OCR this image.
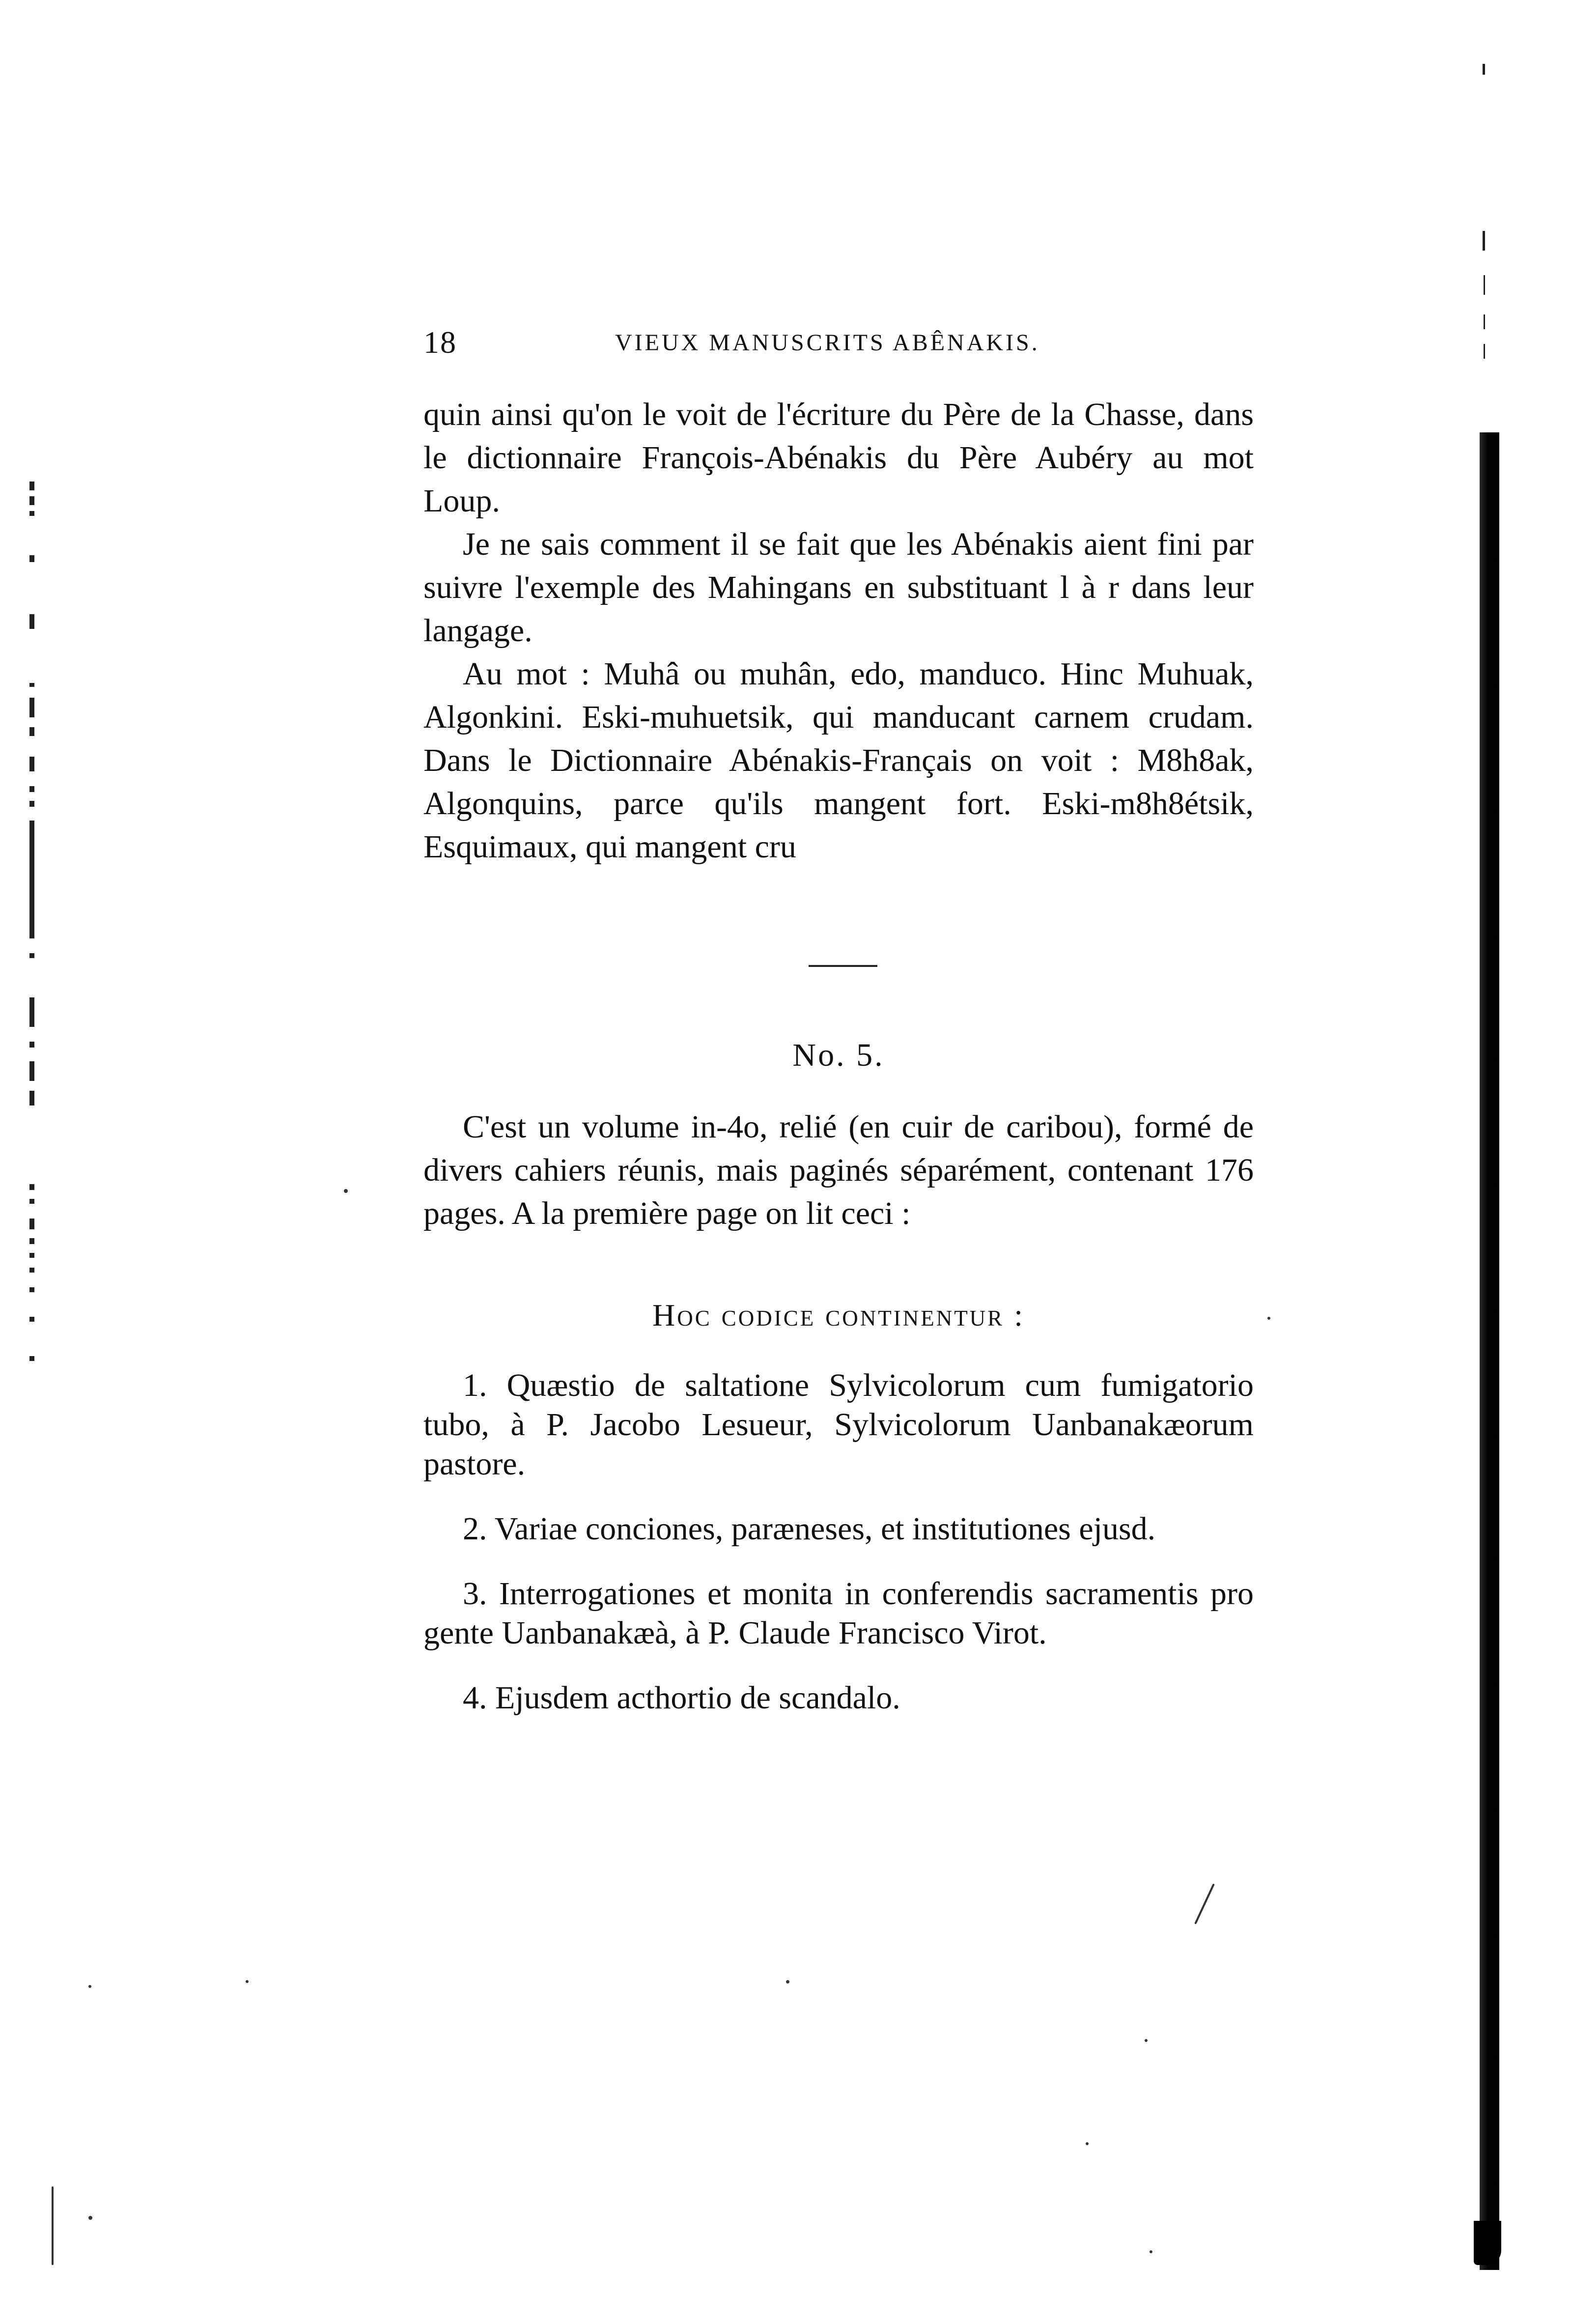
18	VIEUX MANUSCRITS ABÊNAKIS.

quin ainsi qu'on le voit de l'écriture du Père de la Chasse, dans le dictionnaire François-Abénakis du Père Aubéry au mot Loup.

Je ne sais comment il se fait que les Abénakis aient fini par suivre l'exemple des Mahingans en substituant l à r dans leur langage.

Au mot : Muhâ ou muhân, edo, manduco. Hinc Muhuak, Algonkini. Eski-muhuetsik, qui manducant carnem crudam. Dans le Dictionnaire Abénakis-Français on voit : M8h8ak, Algonquins, parce qu'ils mangent fort. Eski-m8h8étsik, Esquimaux, qui mangent cru

No. 5.

C'est un volume in-4o, relié (en cuir de caribou), formé de divers cahiers réunis, mais paginés séparément, contenant 176 pages. A la première page on lit ceci :

Hoc codice continentur :

1. Quæstio de saltatione Sylvicolorum cum fumigatorio tubo, à P. Jacobo Lesueur, Sylvicolorum Uanbanakæorum pastore.

2. Variae conciones, paræneses, et institutiones ejusd.

3. Interrogationes et monita in conferendis sacramentis pro gente Uanbanakæà, à P. Claude Francisco Virot.

4. Ejusdem acthortio de scandalo.
